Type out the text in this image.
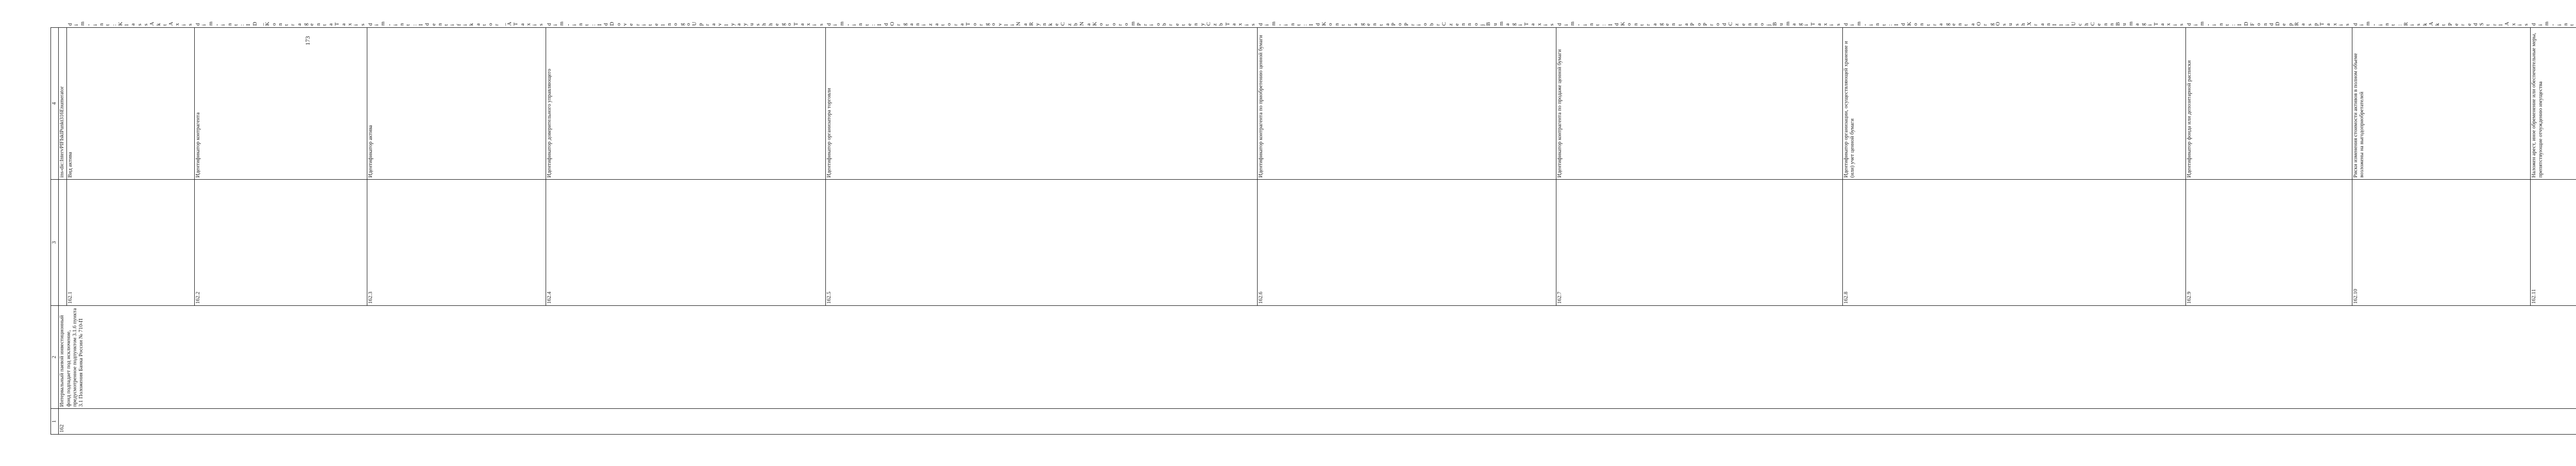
173
1	2	3	4	
162	Интервальный паевой инвестиционный фонд подпадает под исключение, предусмотренное подпунктом 3.1.6 пункта 3.1 Положения Банка России № 710-П		ins-dic:IntervPIFIsklPunkt316Enumerator	
		162.1	Вид актива	dim-int:KlassAktAxis
		162.2	Идентификатор контрагента	dim-int:ID_KontragentaTaxis
		162.3	Идентификатор актива	dim-int:Identifikator_ATaxis
		162.4	Идентификатор доверительного управляющего	dim-int:IdDoveritelnogoUpravlyayushhegoTaxis
		162.5	Идентификатор организатора торговли	dim-int:IdOrganizatoraTorgovliNaRynkeCzbNaKotoromPriobretenyCzbTaxis
		162.6	Идентификатор контрагента по приобретению ценной бумаги	dim-int:IdKontragentaPoPriobrCzennojBumagiTaxis
		162.7	Идентификатор контрагента по продаже ценной бумаги	dim-int:IdKontragentaPoProdCzennojBumagiTaxis
		162.8	Идентификатор организации, осуществляющей хранение и (или) учет ценной бумаги	dim-int:IdKontragentaOrgOsushXranIliUchCennBumagiTaxis
		162.9	Идентификатор фонда или депозитарной расписки	dim-int:IDFondDepRaspTaxis
		162.10	Риски изменения стоимости активов в полном объеме возложены на выгодоприобретателей	dim-int:RiskAktPeredStrlAxis
		162.11	Наложен арест, иное обременение или обеспечительные меры, препятствующие отчуждению имущества	dim-int
